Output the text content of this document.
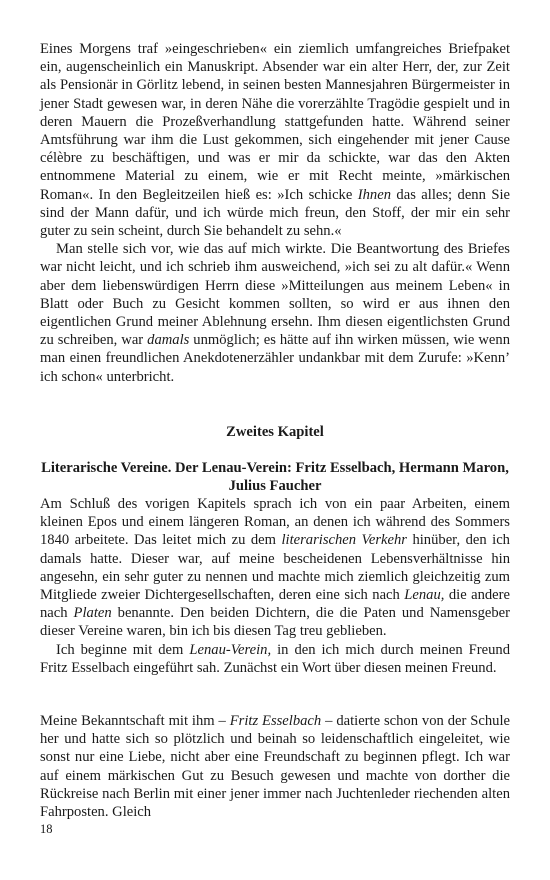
Eines Morgens traf »eingeschrieben« ein ziemlich umfangreiches Briefpaket ein, augenscheinlich ein Manuskript. Absender war ein alter Herr, der, zur Zeit als Pensionär in Görlitz lebend, in seinen besten Mannesjahren Bürgermeister in jener Stadt gewesen war, in deren Nähe die vorerzählte Tragödie gespielt und in deren Mauern die Prozeßverhandlung stattgefunden hatte. Während seiner Amtsführung war ihm die Lust gekommen, sich eingehender mit jener Cause célèbre zu beschäftigen, und was er mir da schickte, war das den Akten entnommene Material zu einem, wie er mit Recht meinte, »märkischen Roman«. In den Begleitzeilen hieß es: »Ich schicke Ihnen das alles; denn Sie sind der Mann dafür, und ich würde mich freun, den Stoff, der mir ein sehr guter zu sein scheint, durch Sie behandelt zu sehn.«

Man stelle sich vor, wie das auf mich wirkte. Die Beantwortung des Briefes war nicht leicht, und ich schrieb ihm ausweichend, »ich sei zu alt dafür.« Wenn aber dem liebenswürdigen Herrn diese »Mitteilungen aus meinem Leben« in Blatt oder Buch zu Gesicht kommen sollten, so wird er aus ihnen den eigentlichen Grund meiner Ablehnung ersehn. Ihm diesen eigentlichsten Grund zu schreiben, war damals unmöglich; es hätte auf ihn wirken müssen, wie wenn man einen freundlichen Anekdotenerzähler undankbar mit dem Zurufe: »Kenn’ ich schon« unterbricht.

Zweites Kapitel
Literarische Vereine. Der Lenau-Verein: Fritz Esselbach, Hermann Maron, Julius Faucher

Am Schluß des vorigen Kapitels sprach ich von ein paar Arbeiten, einem kleinen Epos und einem längeren Roman, an denen ich während des Sommers 1840 arbeitete. Das leitet mich zu dem literarischen Verkehr hinüber, den ich damals hatte. Dieser war, auf meine bescheidenen Lebensverhältnisse hin angesehn, ein sehr guter zu nennen und machte mich ziemlich gleichzeitig zum Mitgliede zweier Dichtergesellschaften, deren eine sich nach Lenau, die andere nach Platen benannte. Den beiden Dichtern, die die Paten und Namensgeber dieser Vereine waren, bin ich bis diesen Tag treu geblieben.

Ich beginne mit dem Lenau-Verein, in den ich mich durch meinen Freund Fritz Esselbach eingeführt sah. Zunächst ein Wort über diesen meinen Freund.

Meine Bekanntschaft mit ihm – Fritz Esselbach – datierte schon von der Schule her und hatte sich so plötzlich und beinah so leidenschaftlich eingeleitet, wie sonst nur eine Liebe, nicht aber eine Freundschaft zu beginnen pflegt. Ich war auf einem märkischen Gut zu Besuch gewesen und machte von dorther die Rückreise nach Berlin mit einer jener immer nach Juchtenleder riechenden alten Fahrposten. Gleich

18
